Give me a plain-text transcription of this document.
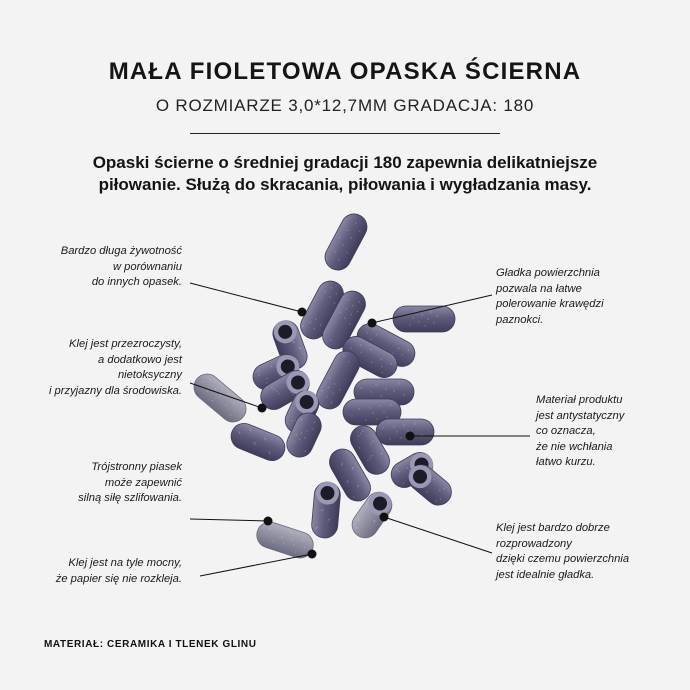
MAŁA FIOLETOWA OPASKA ŚCIERNA
O ROZMIARZE 3,0*12,7MM GRADACJA: 180
Opaski ścierne o średniej gradacji 180 zapewnia delikatniejsze
piłowanie. Służą do skracania, piłowania i wygładzania masy.
Bardzo długa żywotność
w porównaniu
do innych opasek.
Klej jest przezroczysty,
a dodatkowo jest
nietoksyczny
i przyjazny dla środowiska.
Trójstronny piasek
może zapewnić
silną siłę szlifowania.
Klej jest na tyle mocny,
że papier się nie rozkleja.
Gładka powierzchnia
pozwala na łatwe
polerowanie krawędzi
paznokci.
Materiał produktu
jest antystatyczny
co oznacza,
że nie wchłania
łatwo kurzu.
Klej jest bardzo dobrze
rozprowadzony
dzięki czemu powierzchnia
jest idealnie gładka.
MATERIAŁ: CERAMIKA I TLENEK GLINU
